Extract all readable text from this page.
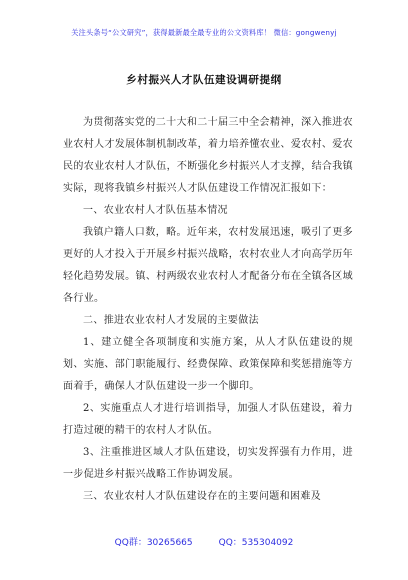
关注头条号“公文研究”，获得最新最全最专业的公文资料库！ 微信：gongwenyj
乡村振兴人才队伍建设调研提纲

为贯彻落实党的二十大和二十届三中全会精神，深入推进农业农村人才发展体制机制改革，着力培养懂农业、爱农村、爱农民的农业农村人才队伍，不断强化乡村振兴人才支撑，结合我镇实际，现将我镇乡村振兴人才队伍建设工作情况汇报如下：

一、农业农村人才队伍基本情况

我镇户籍人口数，略。近年来，农村发展迅速，吸引了更多更好的人才投入于开展乡村振兴战略，农村农业人才向高学历年轻化趋势发展。镇、村两级农业农村人才配备分布在全镇各区域各行业。

二、推进农业农村人才发展的主要做法

1、建立健全各项制度和实施方案，从人才队伍建设的规划、实施、部门职能履行、经费保障、政策保障和奖惩措施等方面着手，确保人才队伍建设一步一个脚印。

2、实施重点人才进行培训指导，加强人才队伍建设，着力打造过硬的精干的农村人才队伍。

3、注重推进区域人才队伍建设，切实发挥强有力作用，进一步促进乡村振兴战略工作协调发展。

三、农业农村人才队伍建设存在的主要问题和困难及

QQ群：30265665	QQ：535304092
